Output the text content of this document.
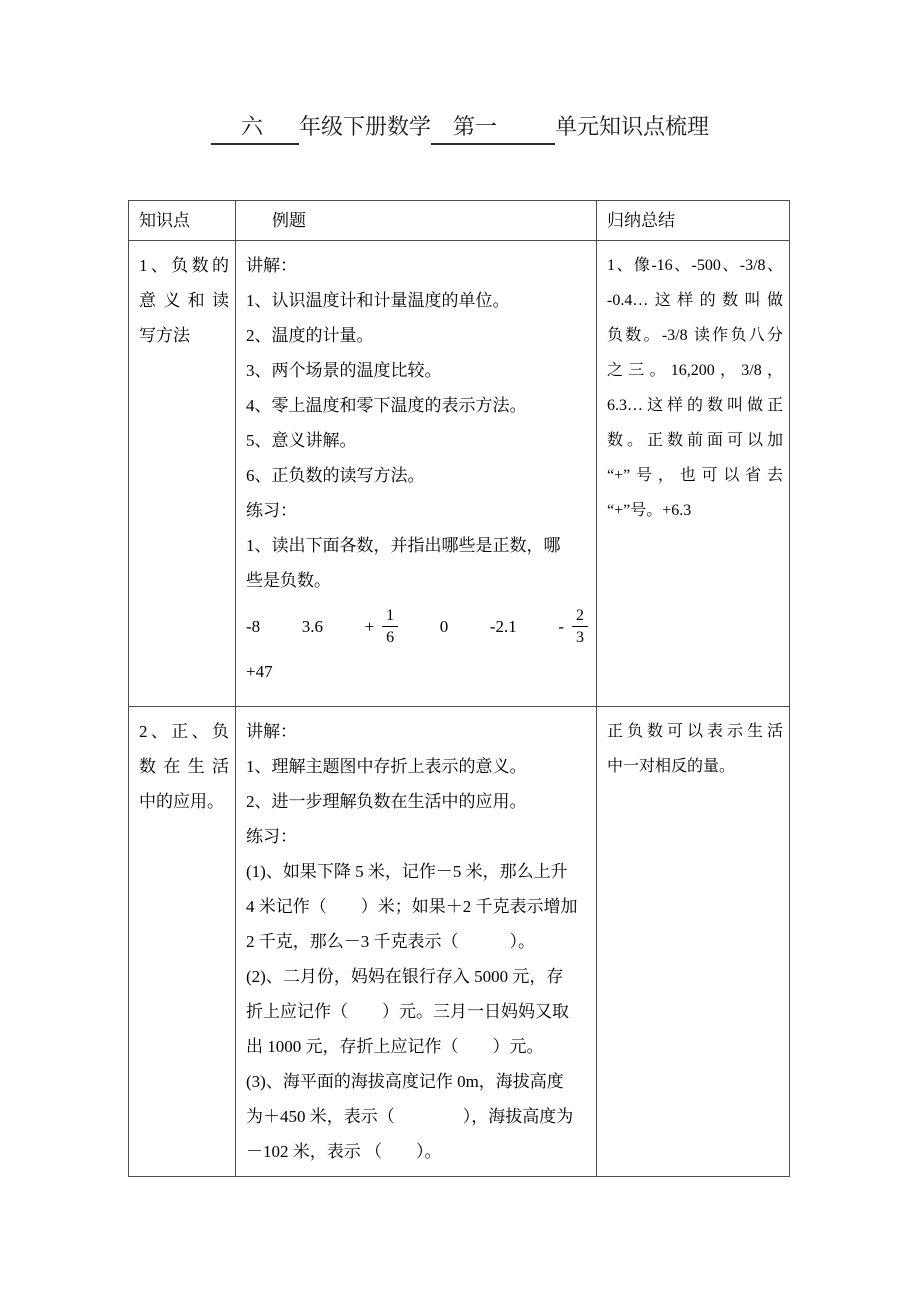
六 年级下册数学 第一	单元知识点梳理
知识点	例题	归纳总结

1、负数的
意义和读
写方法

讲解：
1、认识温度计和计量温度的单位。
2、温度的计量。
3、两个场景的温度比较。
4、零上温度和零下温度的表示方法。
5、意义讲解。
6、正负数的读写方法。
练习：
1、读出下面各数，并指出哪些是正数，哪
些是负数。
-8 $3.6 + \frac{1}{6} 0$ $-2.1 - \frac{2}{3}$
+47

1、像-16、-500、-3/8、
-0.4…这样的数叫做
负数。-3/8 读作负八分
之三。16,200，3/8，
6.3…这样的数叫做正
数。正数前面可以加
“+”号，也可以省去
“+”号。+6.3

2、正、负
数在生活
中的应用。

讲解：
1、理解主题图中存折上表示的意义。
2、进一步理解负数在生活中的应用。
练习：
(1)、如果下降 5 米，记作－5 米，那么上升
4 米记作（　　）米；如果＋2 千克表示增加
2 千克，那么－3 千克表示（　　　）。
(2)、二月份，妈妈在银行存入 5000 元，存
折上应记作（　　）元。三月一日妈妈又取
出 1000 元，存折上应记作（　　）元。
(3)、海平面的海拔高度记作 0m，海拔高度
为＋450 米，表示（　　　　），海拔高度为
－102 米，表示 （　　）。

正负数可以表示生活
中一对相反的量。
